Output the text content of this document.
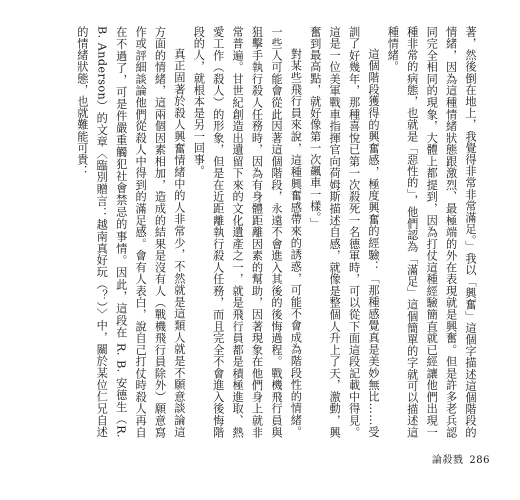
著，然後倒在地上，我覺得非常非常滿足。」我以「興奮」這個字描述這個階段的情緒，因為這種情緒狀態跟激烈、最極端的外在表現就是興奮。但是許多老兵認同完全相同的現象，大體上都提到，因為打仗這種經驗簡直就已經讓他們出現一種非常的病態，也就是「惡性的」，他們認為「滿足」這個簡單的字就可以描述這種情緒。

這個階段獲得的興奮感，極度興奮的經驗：「那種感覺真是美妙無比……受訓了好幾年，那種喜悅已第一次殺死一名德軍時，可以從下面這段記載中得見。這是一位美軍戰車指揮官向荷姆斯描述自感，就像是整個人升上了天，激動，興奮到最高點，就好像第一次飆車一樣。」

對某些飛行員來說，這種興奮感帶來的誘惑，可能不會成為階段性的情緒。一些人可能會從此因著這個階段，永遠不會進入其後的後悔過程。戰機飛行員與狙擊手執行殺人任務時，因為有身體距離因素的幫助，因著現象在他們身上就非常普遍。甘世紀創造出遺留下來的文化遺產之一，就是飛行員都是積極進取、熱愛工作（殺人）的形象，但是在近距離執行殺人任務，而且完全不會進入後悔階段的人，就根本是另一回事。

真正固著於殺人興奮情緒中的人非常少，不然就是這類人就是不願意談論這方面的情緒，這兩個因素相加，造成的結果是沒有人（戰機飛行員除外）願意寫作或評細談論他們從殺人中得到的滿足感。會有人表白，說自己打仗時殺人再自在不過了，可是件嚴重觸犯社會禁忌的事情。因此，這段在 R. B. 安德生（R. B. Anderson）的文章〈臨別贈言：越南真好玩（？）〉中，關於某位仁兄自述的情緒狀態，也就難能可貴：

論殺戮 286
